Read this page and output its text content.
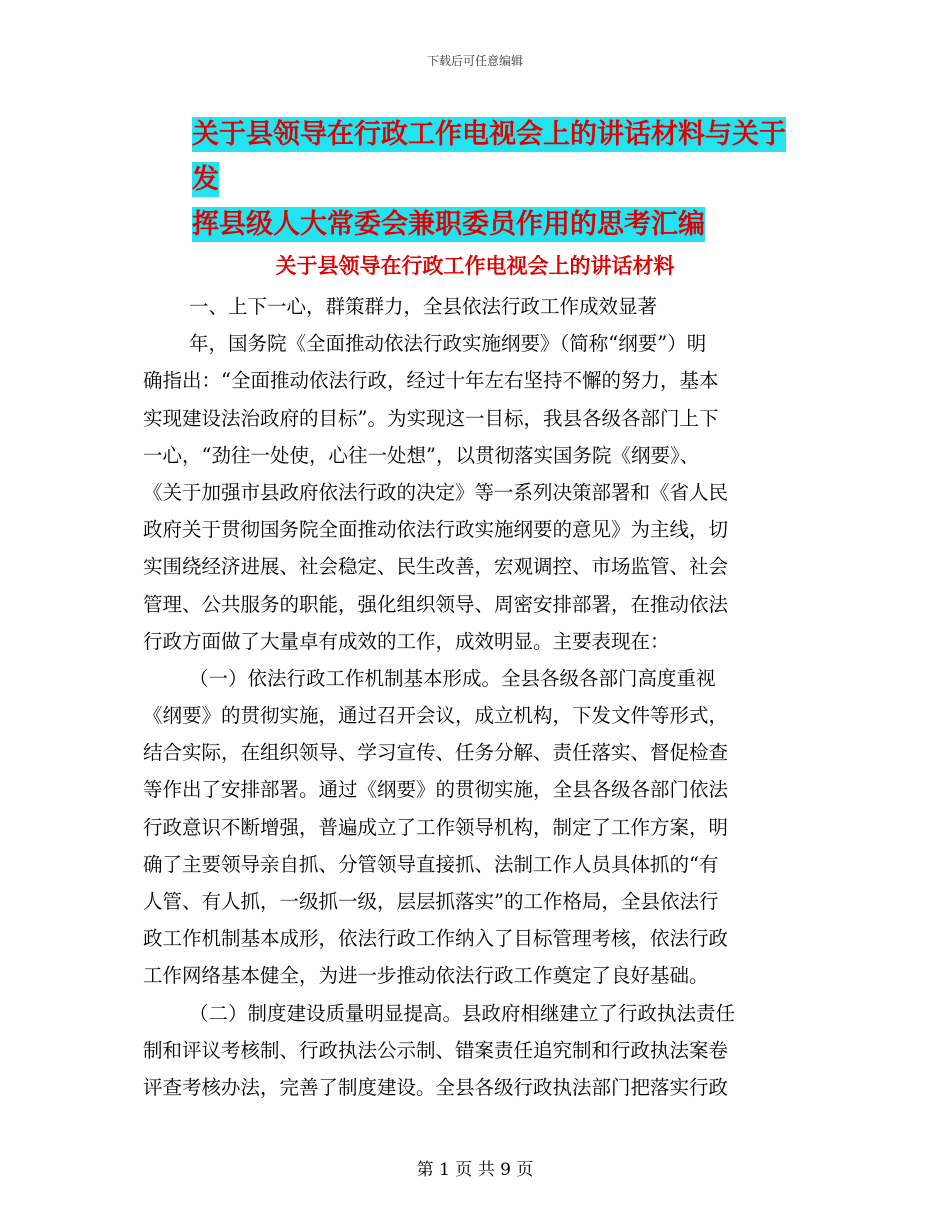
下载后可任意编辑
关于县领导在行政工作电视会上的讲话材料与关于发
挥县级人大常委会兼职委员作用的思考汇编
关于县领导在行政工作电视会上的讲话材料
一、上下一心，群策群力，全县依法行政工作成效显著
年，国务院《全面推动依法行政实施纲要》（简称“纲要”）明
确指出：“全面推动依法行政，经过十年左右坚持不懈的努力，基本
实现建设法治政府的目标”。为实现这一目标，我县各级各部门上下
一心，“劲往一处使，心往一处想”，以贯彻落实国务院《纲要》、
《关于加强市县政府依法行政的决定》等一系列决策部署和《省人民
政府关于贯彻国务院全面推动依法行政实施纲要的意见》为主线，切
实围绕经济进展、社会稳定、民生改善，宏观调控、市场监管、社会
管理、公共服务的职能，强化组织领导、周密安排部署，在推动依法
行政方面做了大量卓有成效的工作，成效明显。主要表现在：
（一）依法行政工作机制基本形成。全县各级各部门高度重视
《纲要》的贯彻实施，通过召开会议，成立机构，下发文件等形式，
结合实际，在组织领导、学习宣传、任务分解、责任落实、督促检查
等作出了安排部署。通过《纲要》的贯彻实施，全县各级各部门依法
行政意识不断增强，普遍成立了工作领导机构，制定了工作方案，明
确了主要领导亲自抓、分管领导直接抓、法制工作人员具体抓的“有
人管、有人抓，一级抓一级，层层抓落实”的工作格局，全县依法行
政工作机制基本成形，依法行政工作纳入了目标管理考核，依法行政
工作网络基本健全，为进一步推动依法行政工作奠定了良好基础。
（二）制度建设质量明显提高。县政府相继建立了行政执法责任
制和评议考核制、行政执法公示制、错案责任追究制和行政执法案卷
评查考核办法，完善了制度建设。全县各级行政执法部门把落实行政
第 1 页 共 9 页
